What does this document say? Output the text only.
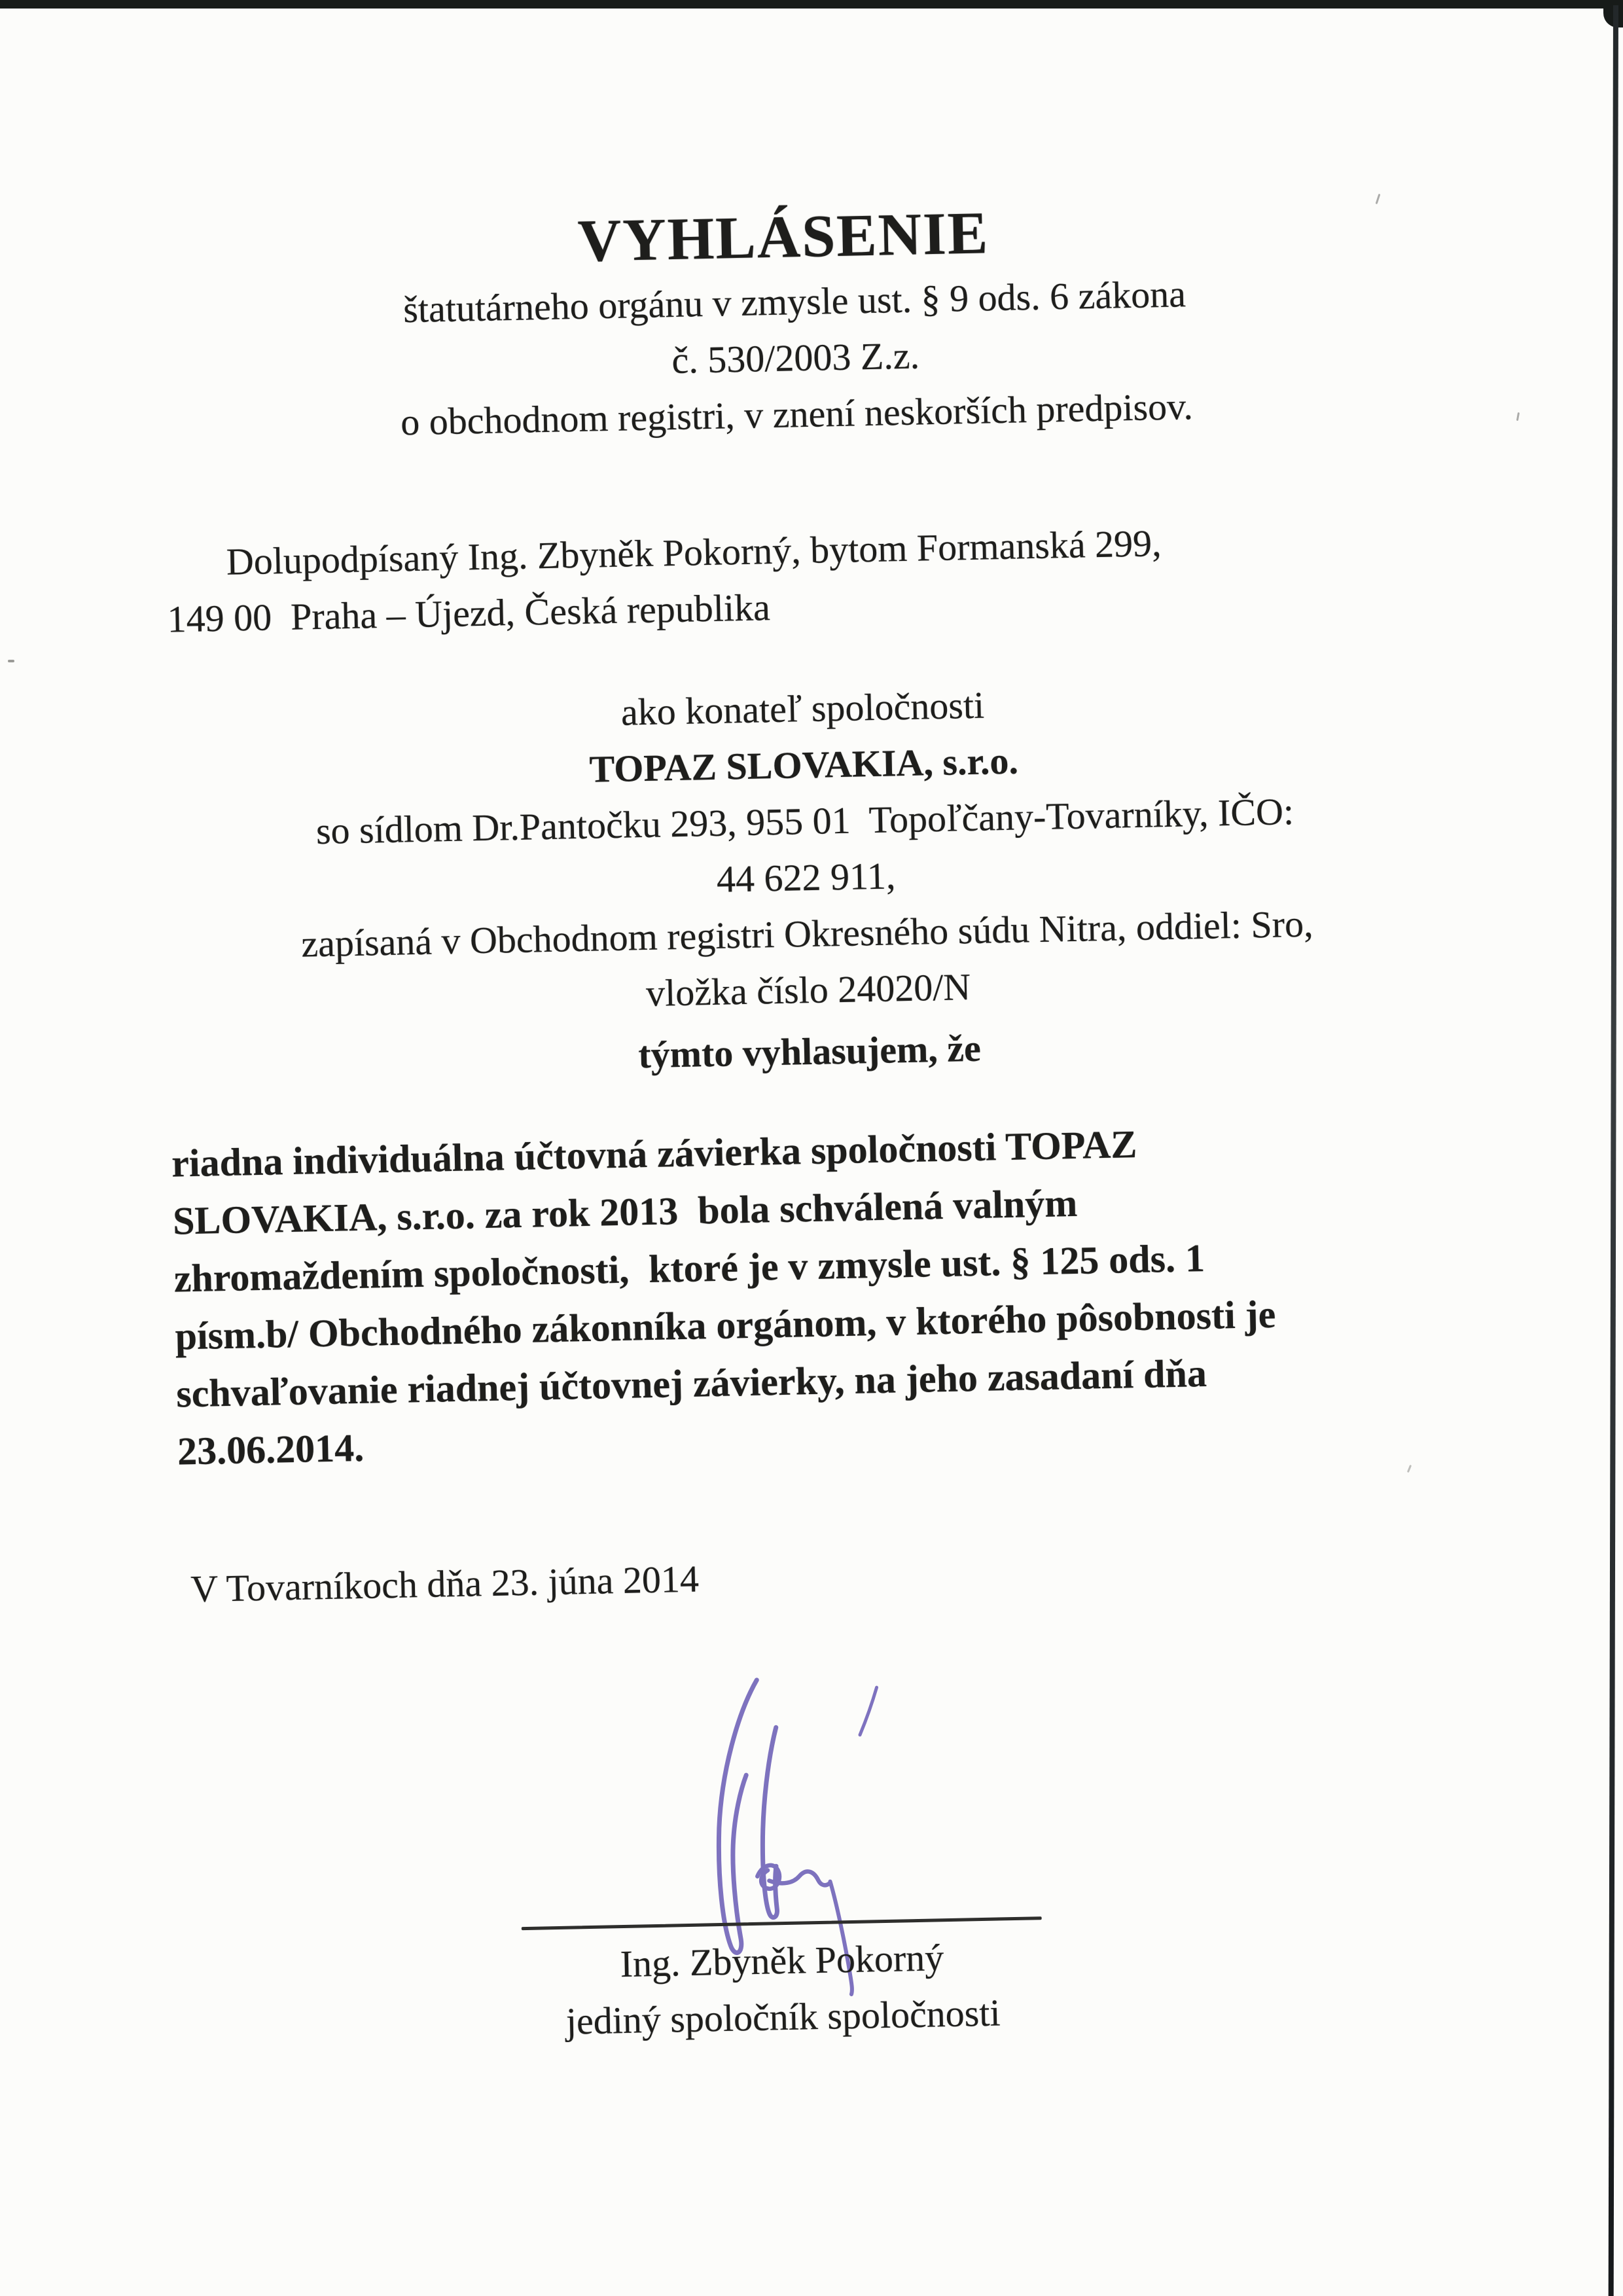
VYHLÁSENIE
štatutárneho orgánu v zmysle ust. § 9 ods. 6 zákona
č. 530/2003 Z.z.
o obchodnom registri, v znení neskorších predpisov.
Dolupodpísaný Ing. Zbyněk Pokorný, bytom Formanská 299,
149 00  Praha – Újezd, Česká republika
ako konateľ spoločnosti
TOPAZ SLOVAKIA, s.r.o.
so sídlom Dr.Pantočku 293, 955 01  Topoľčany-Tovarníky, IČO:
44 622 911,
zapísaná v Obchodnom registri Okresného súdu Nitra, oddiel: Sro,
vložka číslo 24020/N
týmto vyhlasujem, že
riadna individuálna účtovná závierka spoločnosti TOPAZ
SLOVAKIA, s.r.o. za rok 2013  bola schválená valným
zhromaždením spoločnosti,  ktoré je v zmysle ust. § 125 ods. 1
písm.b/ Obchodného zákonníka orgánom, v ktorého pôsobnosti je
schvaľovanie riadnej účtovnej závierky, na jeho zasadaní dňa
23.06.2014.
V Tovarníkoch dňa 23. júna 2014
Ing. Zbyněk Pokorný
jediný spoločník spoločnosti
